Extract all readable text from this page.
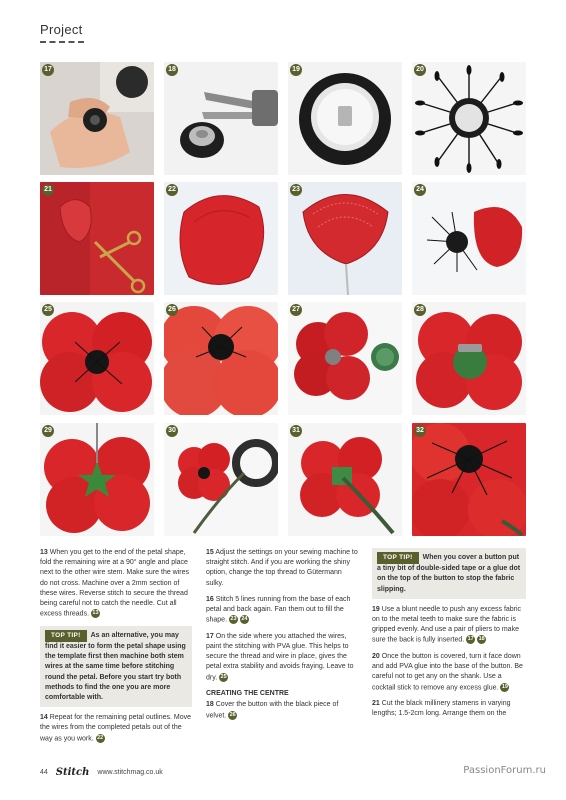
Project
17	18	19	20
21	22	23	24
25	26	27	28
29	30	31	32

13 When you get to the end of the petal shape, fold the remaining wire at a 90° angle and place next to the other wire stem. Make sure the wires do not cross. Machine over a 2mm section of these wires. Reverse stitch to secure the thread being careful not to catch the needle. Cut all excess threads. 13

TOP TIP! As an alternative, you may find it easier to form the petal shape using the template first then machine both stem wires at the same time before stitching round the petal. Before you start try both methods to find the one you are more comfortable with.

14 Repeat for the remaining petal outlines. Move the wires from the completed petals out of the way as you work. 22

15 Adjust the settings on your sewing machine to straight stitch. And if you are working the shiny option, change the top thread to Gütermann sulky.

16 Stitch 5 lines running from the base of each petal and back again. Fan them out to fill the shape. 23 24

17 On the side where you attached the wires, paint the stitching with PVA glue. This helps to secure the thread and wire in place, gives the petal extra stability and avoids fraying. Leave to dry. 25

CREATING THE CENTRE

18 Cover the button with the black piece of velvet. 26

TOP TIP! When you cover a button put a tiny bit of double-sided tape or a glue dot on the top of the button to stop the fabric slipping.

19 Use a blunt needle to push any excess fabric on to the metal teeth to make sure the fabric is gripped evenly. And use a pair of pliers to make sure the back is fully inserted. 17 18

20 Once the button is covered, turn it face down and add PVA glue into the base of the button. Be careful not to get any on the shank. Use a cocktail stick to remove any excess glue. 19

21 Cut the black millinery stamens in varying lengths; 1.5-2cm long. Arrange them on the

44 Stitch www.stitchmag.co.uk	PassionForum.ru
